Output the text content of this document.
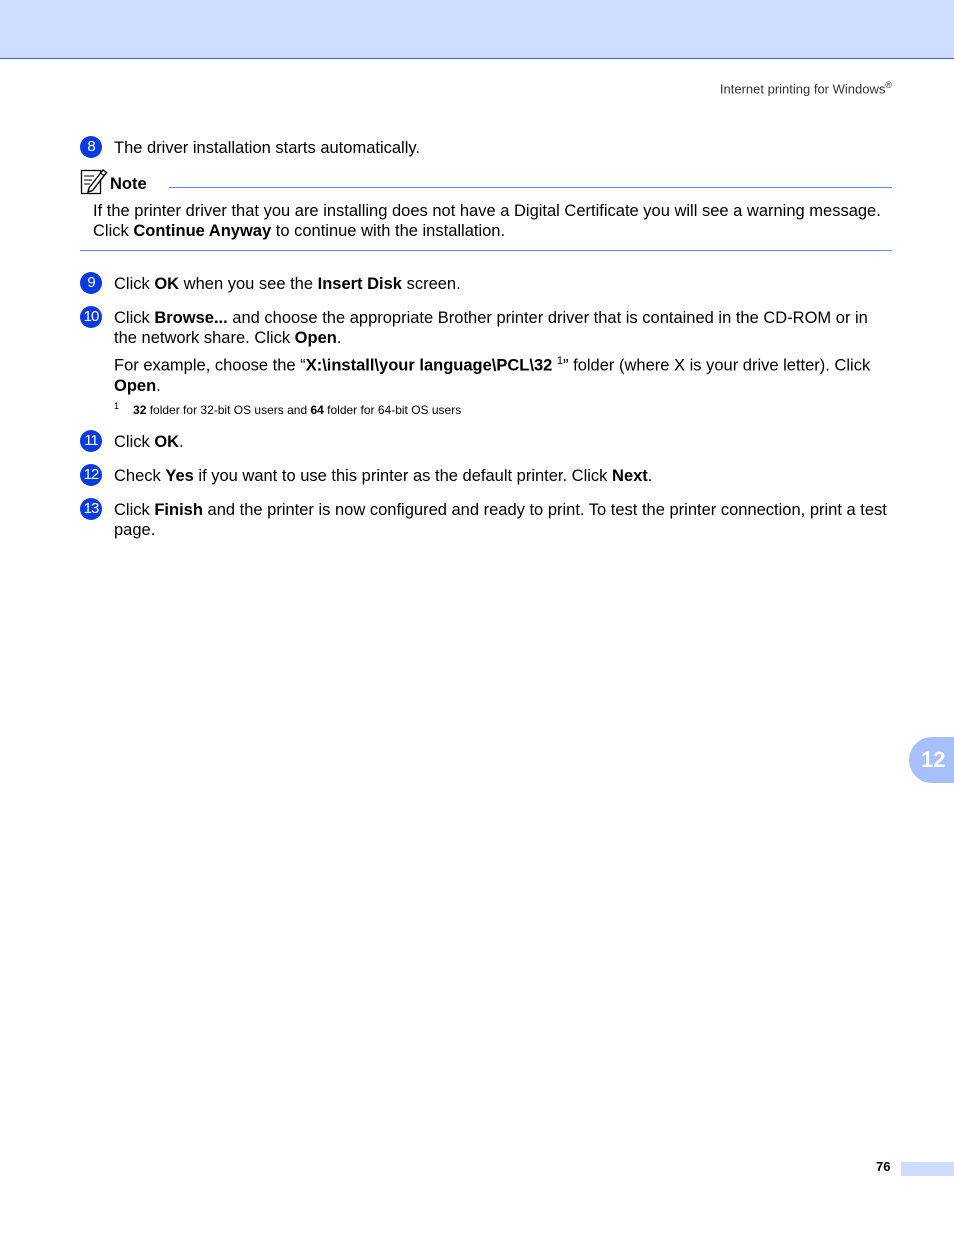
Internet printing for Windows®
8	The driver installation starts automatically.

Note
If the printer driver that you are installing does not have a Digital Certificate you will see a warning message.
Click Continue Anyway to continue with the installation.
9	Click OK when you see the Insert Disk screen.

10 Click Browse... and choose the appropriate Brother printer driver that is contained in the CD-ROM or in the network share. Click Open.

For example, choose the “X:\install\your language\PCL\32 $^1$” folder (where X is your drive letter). Click Open.

$^1$ 32 folder for 32-bit OS users and 64 folder for 64-bit OS users
11 Click OK.

12 Check Yes if you want to use this printer as the default printer. Click Next.

13 Click Finish and the printer is now configured and ready to print. To test the printer connection, print a test page.

12
76
